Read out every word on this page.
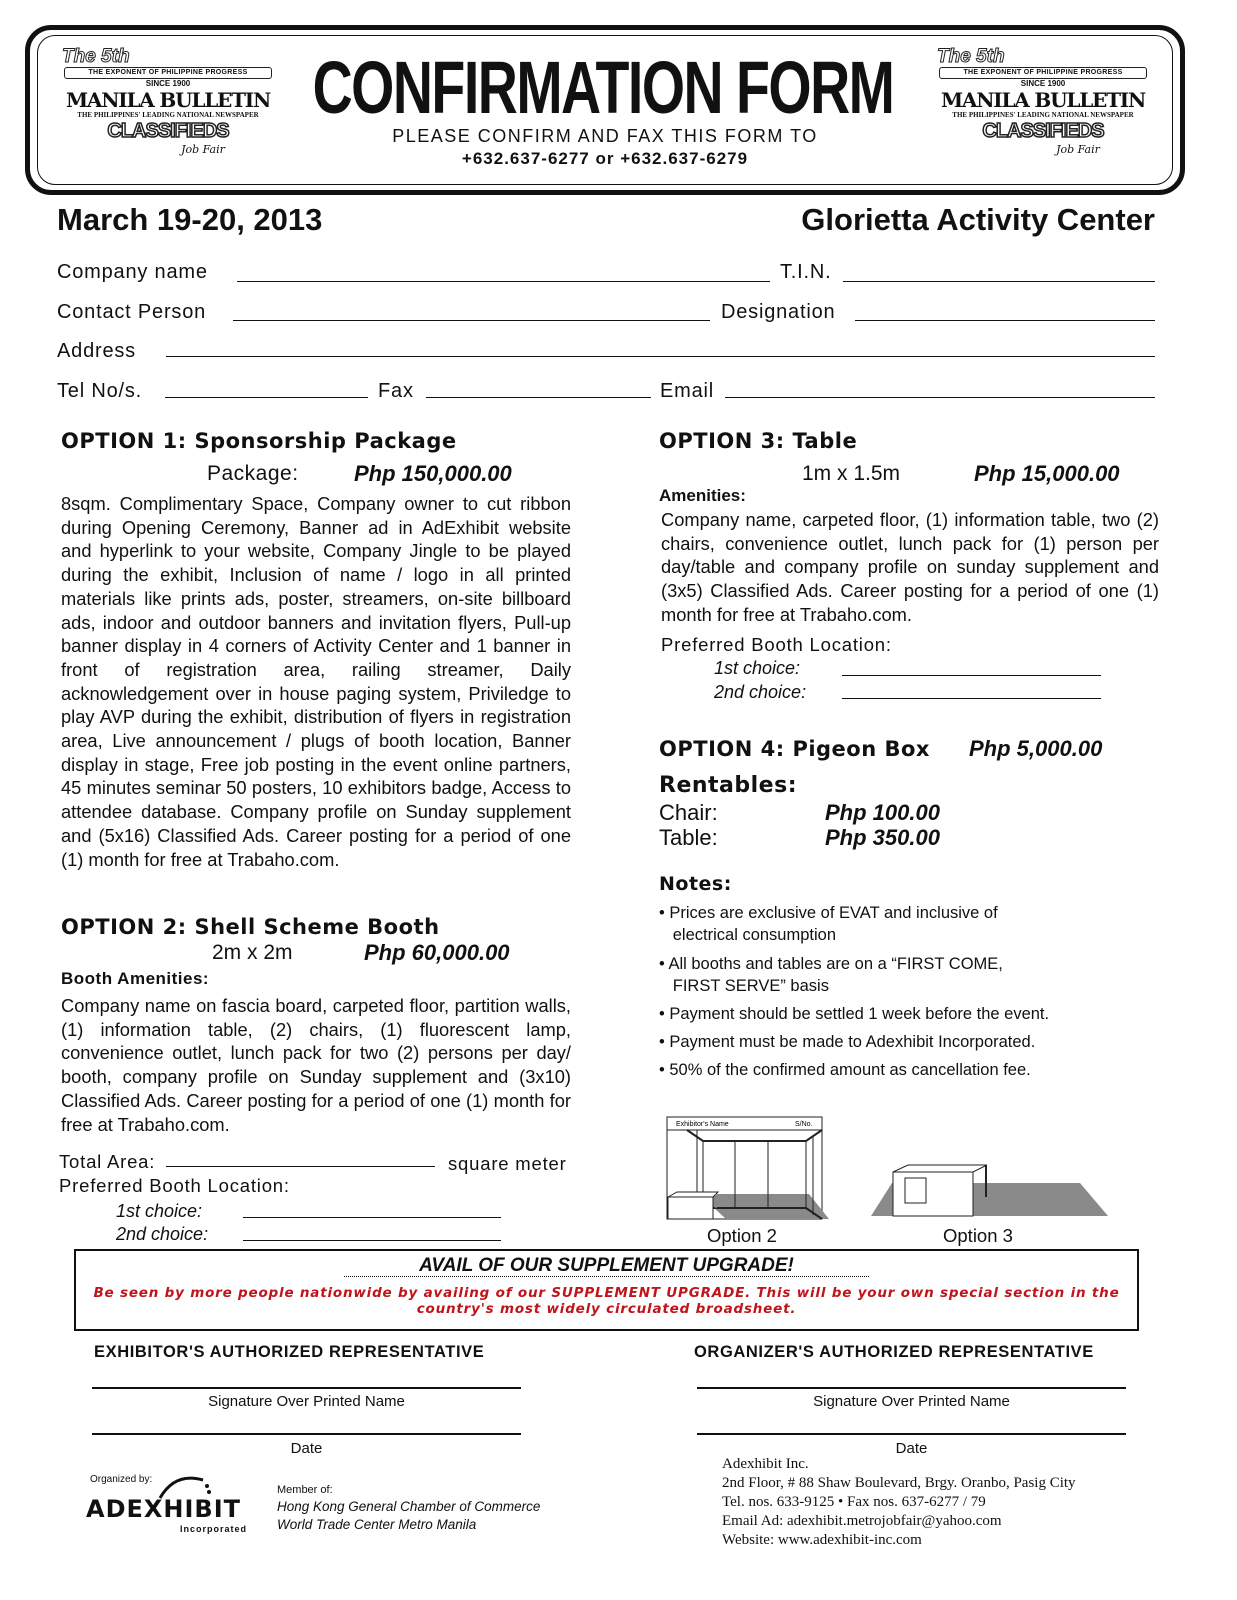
The 5th
THE EXPONENT OF PHILIPPINE PROGRESS
SINCE 1900
MANILA BULLETIN
THE PHILIPPINES' LEADING NATIONAL NEWSPAPER
CLASSIFIEDS
Job Fair
The 5th
THE EXPONENT OF PHILIPPINE PROGRESS
SINCE 1900
MANILA BULLETIN
THE PHILIPPINES' LEADING NATIONAL NEWSPAPER
CLASSIFIEDS
Job Fair
CONFIRMATION FORM
PLEASE CONFIRM AND FAX THIS FORM TO
+632.637-6277 or +632.637-6279
March 19-20, 2013	Glorietta Activity Center
Company name	T.I.N.
Contact Person	Designation
Address
Tel No/s.	Fax	Email
OPTION 1: Sponsorship Package
Package:	Php 150,000.00
8sqm. Complimentary Space, Company owner to cut ribbon during Opening Ceremony, Banner ad in AdExhibit website and hyperlink to your website, Company Jingle to be played during the exhibit, Inclusion of name / logo in all printed materials like prints ads, poster, streamers, on-site billboard ads, indoor and outdoor banners and invitation flyers, Pull-up banner display in 4 corners of Activity Center and 1 banner in front of registration area, railing streamer, Daily acknowledgement over in house paging system, Priviledge to play AVP during the exhibit, distribution of flyers in registration area, Live announcement / plugs of booth location, Banner display in stage, Free job posting in the event online partners, 45 minutes seminar 50 posters, 10 exhibitors badge, Access to attendee database. Company profile on Sunday supplement and (5x16) Classified Ads. Career posting for a period of one (1) month for free at Trabaho.com.
OPTION 2: Shell Scheme Booth
2m x 2m	Php 60,000.00
Booth Amenities:
Company name on fascia board, carpeted floor, partition walls, (1) information table, (2) chairs, (1) fluorescent lamp, convenience outlet, lunch pack for two (2) persons per day/ booth, company profile on Sunday supplement and (3x10) Classified Ads. Career posting for a period of one (1) month for free at Trabaho.com.
Total Area:	square meter
Preferred Booth Location:
1st choice:
2nd choice:
OPTION 3: Table
1m x 1.5m	Php 15,000.00
Amenities:
Company name, carpeted floor, (1) information table, two (2) chairs, convenience outlet, lunch pack for (1) person per day/table and company profile on sunday supplement and (3x5) Classified Ads. Career posting for a period of one (1) month for free at Trabaho.com.
Preferred Booth Location:
1st choice:
2nd choice:
OPTION 4: Pigeon Box Php 5,000.00
Rentables:
Chair:	Php 100.00
Table:	Php 350.00
Notes:
• Prices are exclusive of EVAT and inclusive of
electrical consumption
• All booths and tables are on a “FIRST COME,
FIRST SERVE” basis
• Payment should be settled 1 week before the event.
• Payment must be made to Adexhibit Incorporated.
• 50% of the confirmed amount as cancellation fee.
Exhibitor's Name	S/No.
Option 2	Option 3
AVAIL OF OUR SUPPLEMENT UPGRADE!
Be seen by more people nationwide by availing of our SUPPLEMENT UPGRADE. This will be your own special section in the country's most widely circulated broadsheet.
EXHIBITOR'S AUTHORIZED REPRESENTATIVE	ORGANIZER'S AUTHORIZED REPRESENTATIVE
Signature Over Printed Name	Signature Over Printed Name
Date	Date
Organized by:
ADEXHIBIT
Incorporated
Member of:
Hong Kong General Chamber of Commerce
World Trade Center Metro Manila
Adexhibit Inc.
2nd Floor, # 88 Shaw Boulevard, Brgy. Oranbo, Pasig City
Tel. nos. 633-9125 • Fax nos. 637-6277 / 79
Email Ad: adexhibit.metrojobfair@yahoo.com
Website: www.adexhibit-inc.com
